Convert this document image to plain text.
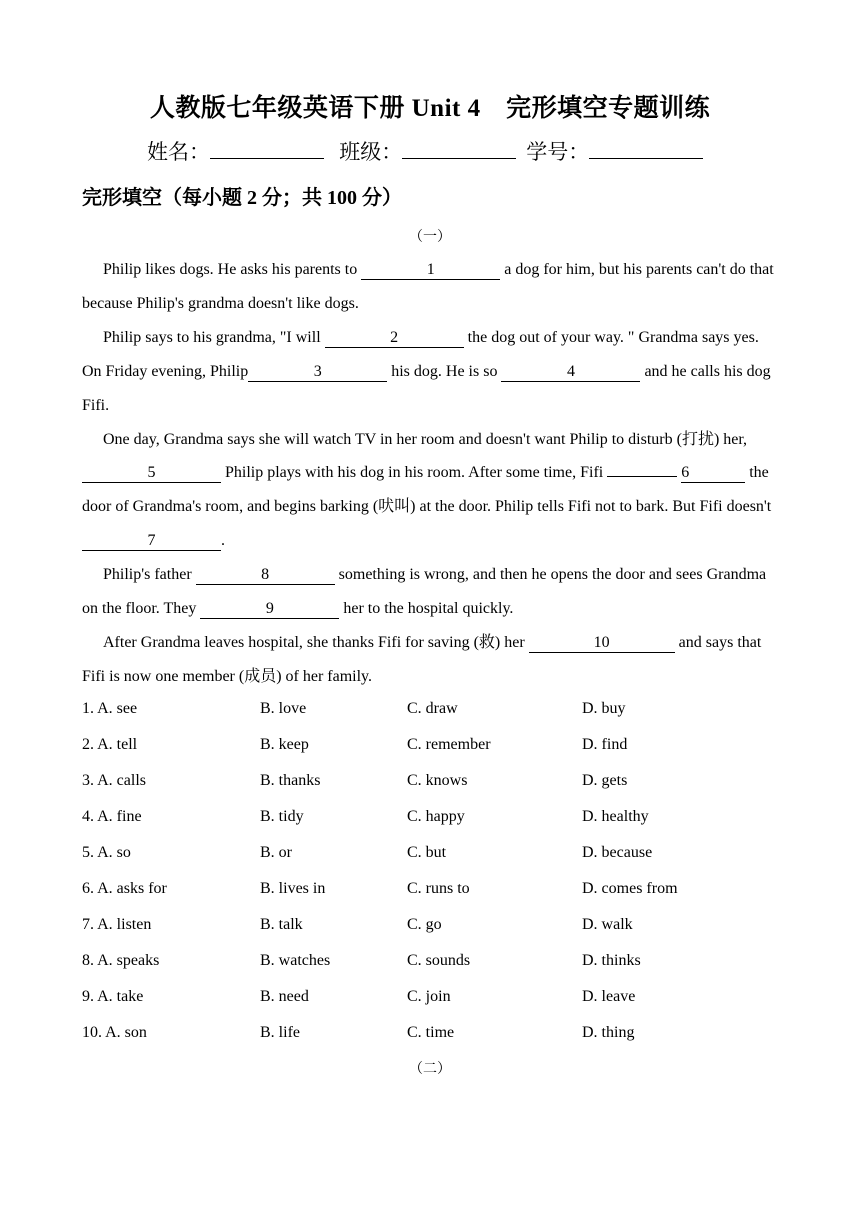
人教版七年级英语下册 Unit 4　完形填空专题训练
姓名：	班级：	学号：
完形填空（每小题 2 分；共 100 分）
（一）

Philip likes dogs. He asks his parents to	1	a dog for him, but his parents can't do that because Philip's grandma doesn't like dogs.

Philip says to his grandma, "I will	2	the dog out of your way. " Grandma says yes. On Friday evening, Philip	3	his dog. He is so	4	and he calls his dog Fifi.

One day, Grandma says she will watch TV in her room and doesn't want Philip to disturb (打扰) her, 5	Philip plays with his dog in his room. After some time, Fifi	6	the door of Grandma's room, and begins barking (吠叫) at the door. Philip tells Fifi not to bark. But Fifi doesn't 7	.

Philip's father	8	something is wrong, and then he opens the door and sees Grandma on the floor. They	9	her to the hospital quickly.

After Grandma leaves hospital, she thanks Fifi for saving (救) her	10	and says that Fifi is now one member (成员) of her family.

1. A. see	B. love	C. draw	D. buy
2. A. tell	B. keep	C. remember	D. find
3. A. calls	B. thanks	C. knows	D. gets
4. A. fine	B. tidy	C. happy	D. healthy
5. A. so	B. or	C. but	D. because
6. A. asks for	B. lives in	C. runs to	D. comes from
7. A. listen	B. talk	C. go	D. walk
8. A. speaks	B. watches	C. sounds	D. thinks
9. A. take	B. need	C. join	D. leave
10. A. son	B. life	C. time	D. thing
（二）
